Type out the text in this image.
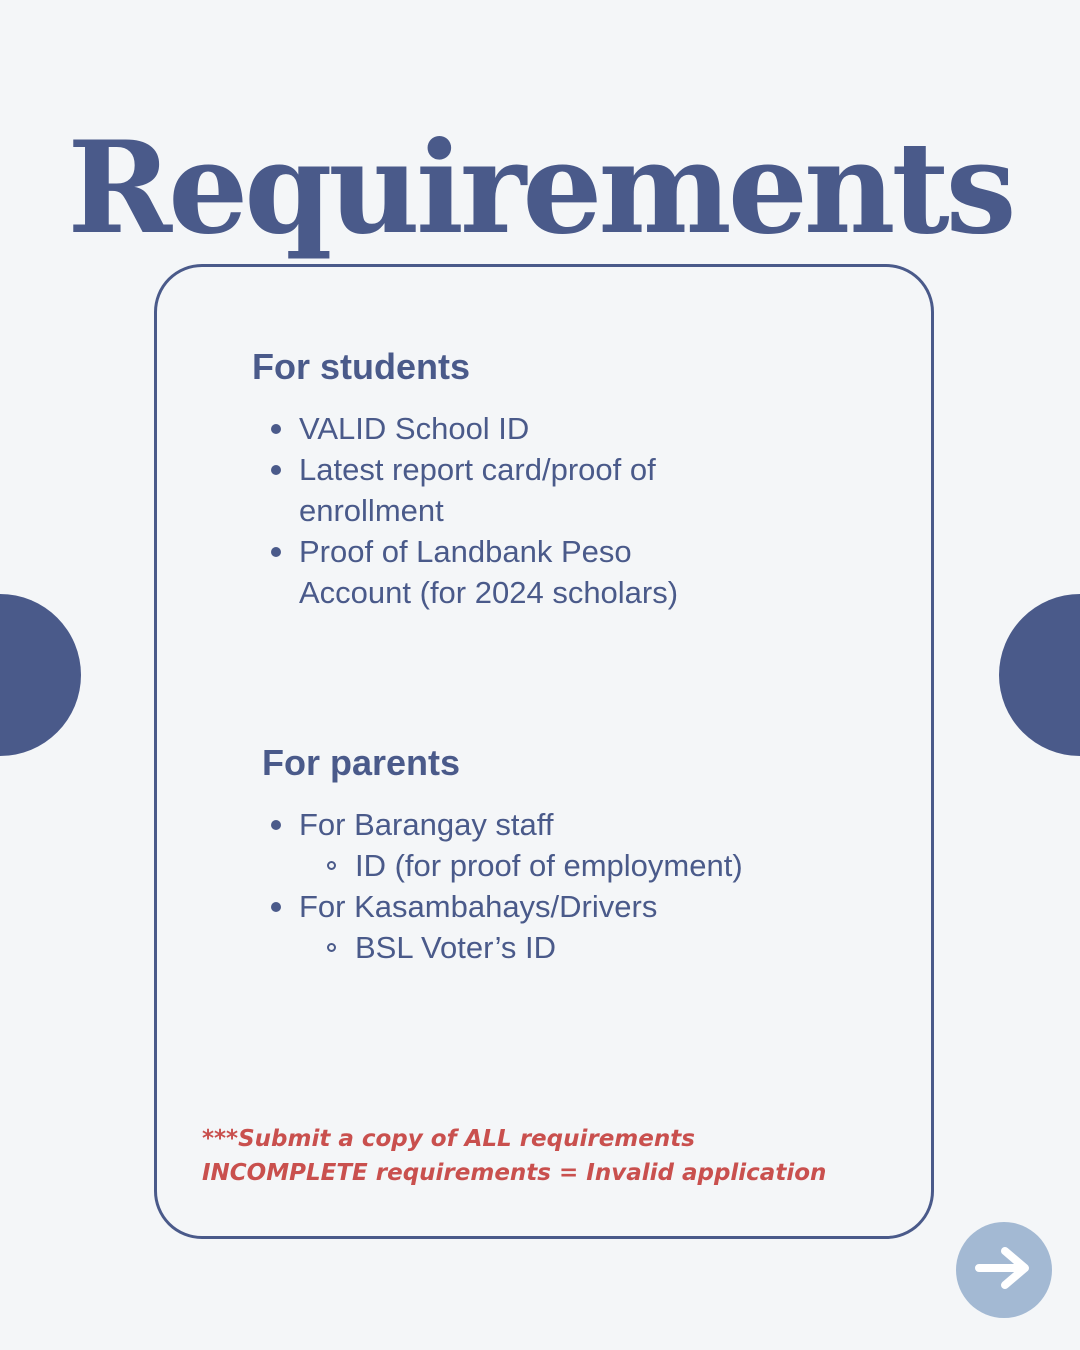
Requirements
For students
VALID School ID
Latest report card/proof of
enrollment
Proof of Landbank Peso
Account (for 2024 scholars)
For parents
For Barangay staff
ID (for proof of employment)
For Kasambahays/Drivers
BSL Voter’s ID

***Submit a copy of ALL requirements

INCOMPLETE requirements = Invalid application
